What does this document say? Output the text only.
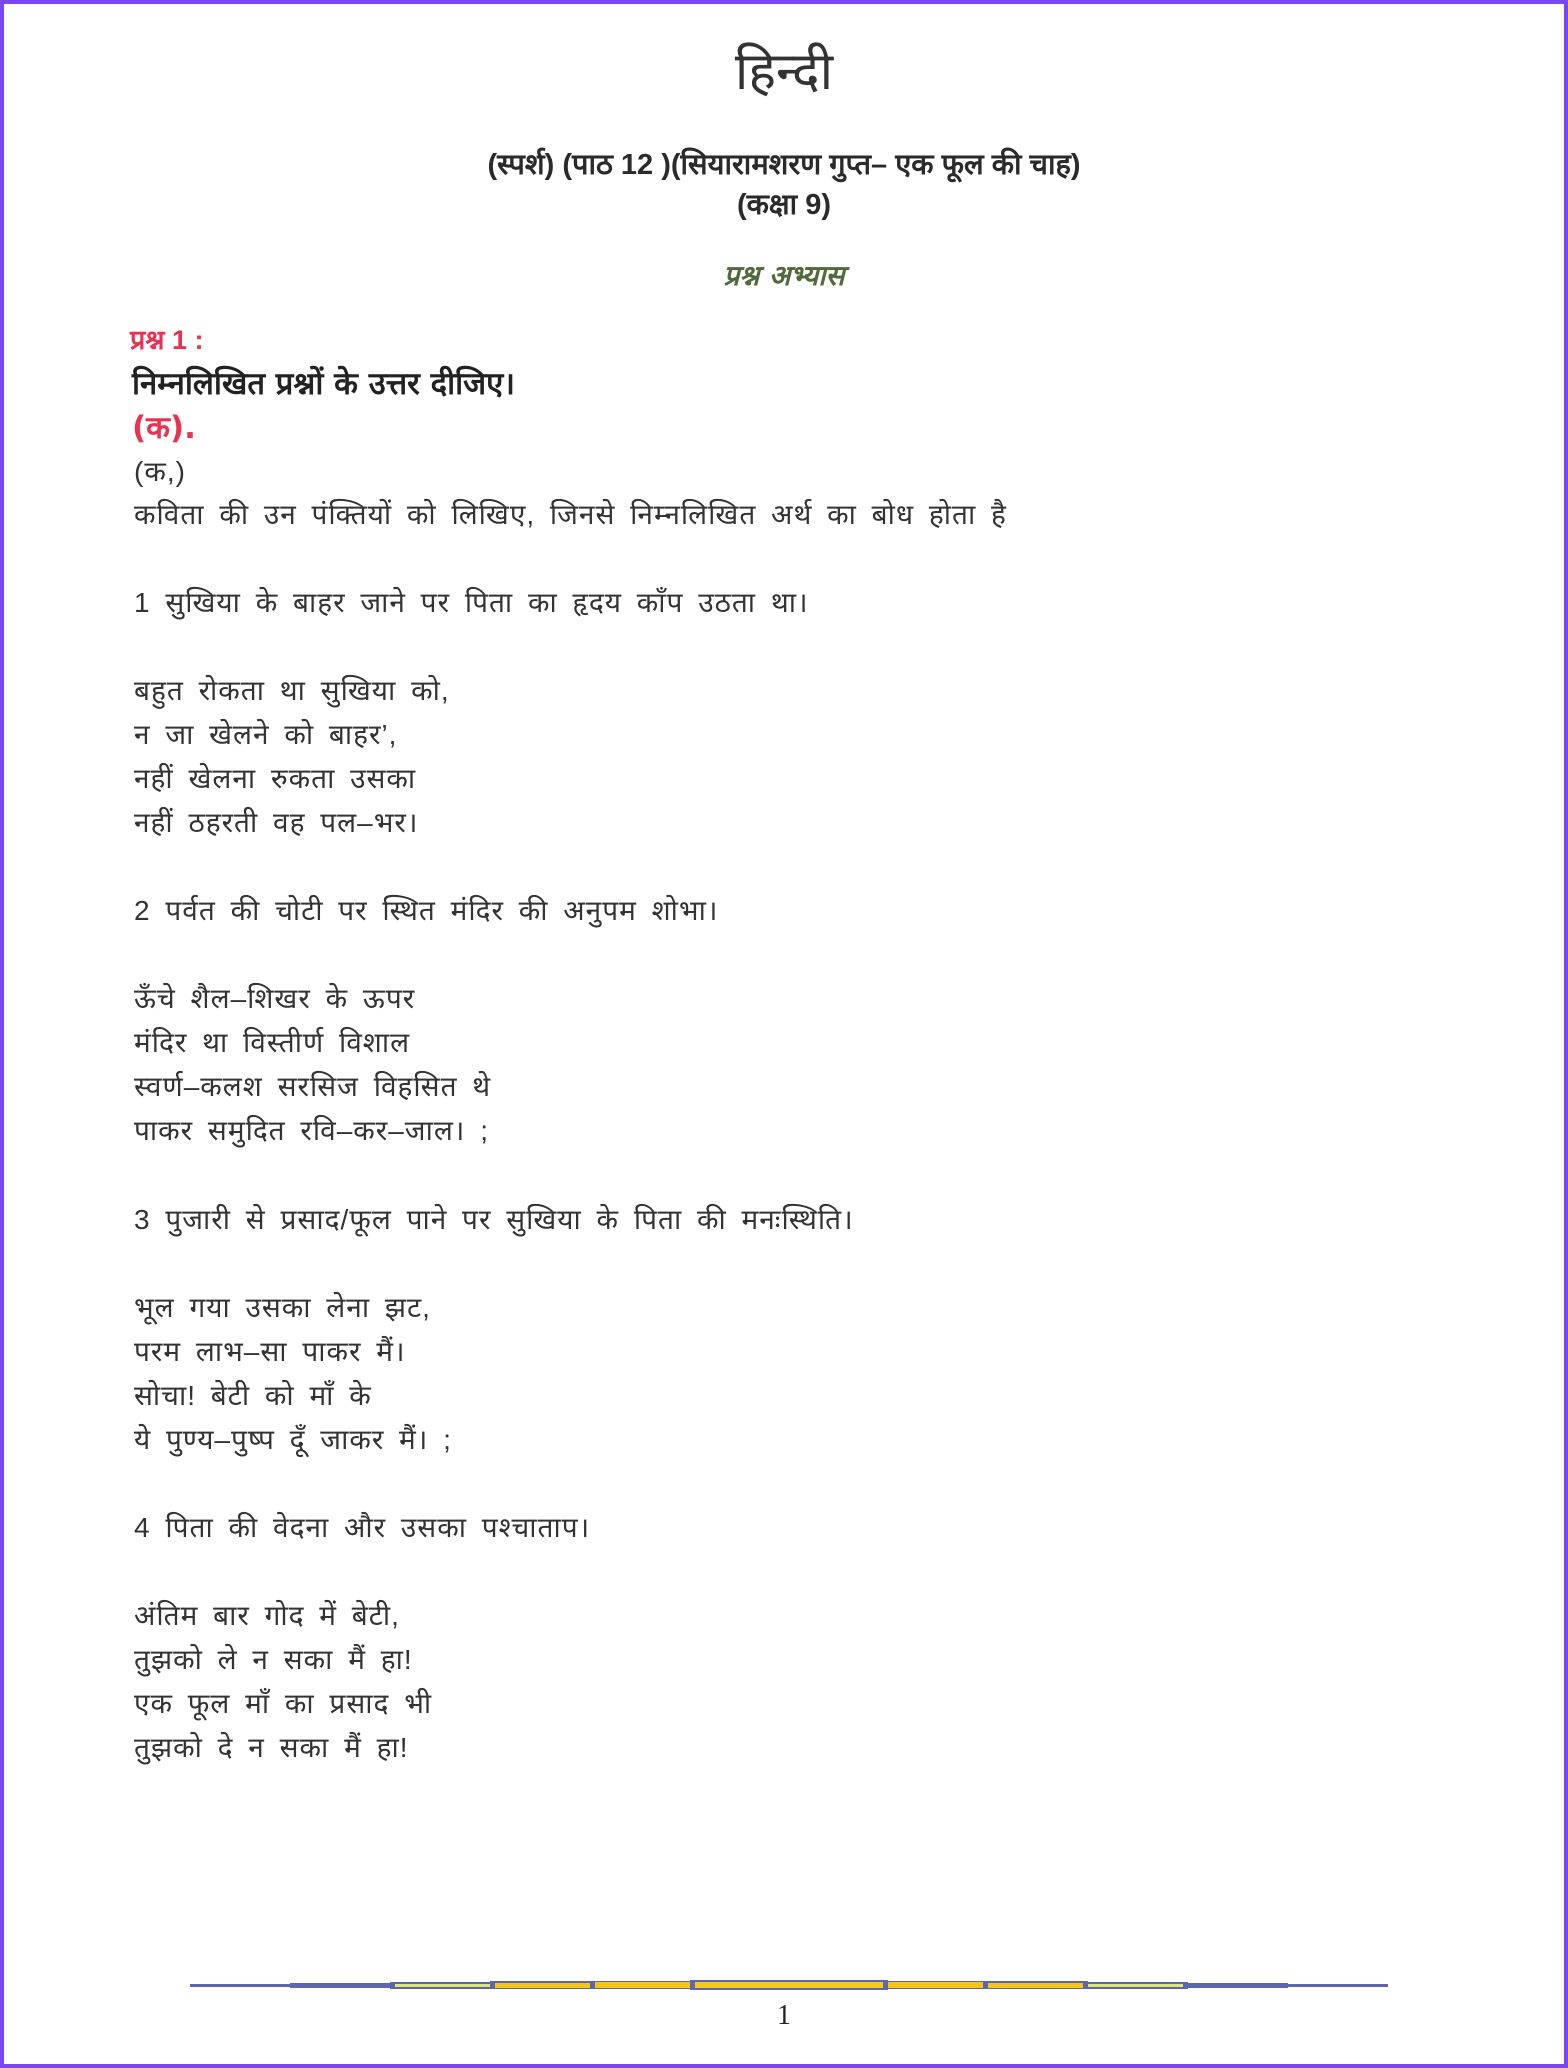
हिन्दी
(स्पर्श) (पाठ 12 )(सियारामशरण गुप्त– एक फूल की चाह)
(कक्षा 9)
प्रश्न अभ्यास
प्रश्न 1 :
निम्नलिखित प्रश्नों के उत्तर दीजिए।
(क).
(क,)
कविता की उन पंक्तियों को लिखिए, जिनसे निम्नलिखित अर्थ का बोध होता है
1 सुखिया के बाहर जाने पर पिता का हृदय काँप उठता था।
बहुत रोकता था सुखिया को,
न जा खेलने को बाहर’,
नहीं खेलना रुकता उसका
नहीं ठहरती वह पल–भर।
2 पर्वत की चोटी पर स्थित मंदिर की अनुपम शोभा।
ऊँचे शैल–शिखर के ऊपर
मंदिर था विस्तीर्ण विशाल
स्वर्ण–कलश सरसिज विहसित थे
पाकर समुदित रवि–कर–जाल। ;
3 पुजारी से प्रसाद/फूल पाने पर सुखिया के पिता की मनःस्थिति।
भूल गया उसका लेना झट,
परम लाभ–सा पाकर मैं।
सोचा! बेटी को माँ के
ये पुण्य–पुष्प दूँ जाकर मैं। ;
4 पिता की वेदना और उसका पश्चाताप।
अंतिम बार गोद में बेटी,
तुझको ले न सका मैं हा!
एक फूल माँ का प्रसाद भी
तुझको दे न सका मैं हा!
1
